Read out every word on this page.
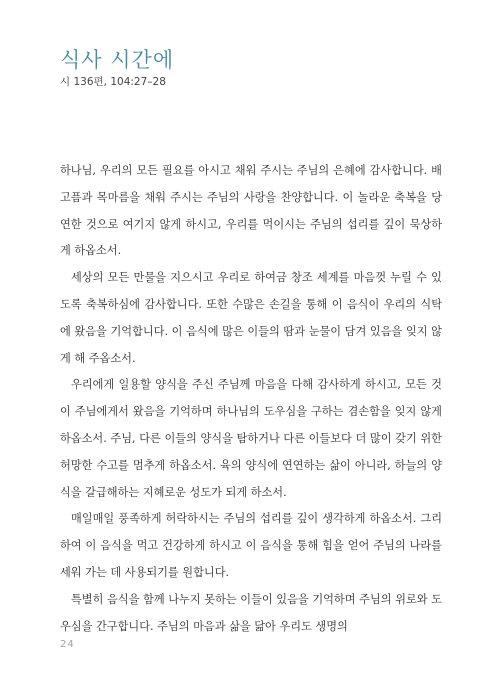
식사 시간에
시 136편, 104:27–28

하나님, 우리의 모든 필요를 아시고 채워 주시는 주님의 은혜에 감사합니다. 배고픔과 목마름을 채워 주시는 주님의 사랑을 찬양합니다. 이 놀라운 축복을 당연한 것으로 여기지 않게 하시고, 우리를 먹이시는 주님의 섭리를 깊이 묵상하게 하옵소서.

세상의 모든 만물을 지으시고 우리로 하여금 창조 세계를 마음껏 누릴 수 있도록 축복하심에 감사합니다. 또한 수많은 손길을 통해 이 음식이 우리의 식탁에 왔음을 기억합니다. 이 음식에 많은 이들의 땀과 눈물이 담겨 있음을 잊지 않게 해 주옵소서.

우리에게 일용할 양식을 주신 주님께 마음을 다해 감사하게 하시고, 모든 것이 주님에게서 왔음을 기억하며 하나님의 도우심을 구하는 겸손함을 잊지 않게 하옵소서. 주님, 다른 이들의 양식을 탐하거나 다른 이들보다 더 많이 갖기 위한 허망한 수고를 멈추게 하옵소서. 육의 양식에 연연하는 삶이 아니라, 하늘의 양식을 갈급해하는 지혜로운 성도가 되게 하소서.

매일매일 풍족하게 허락하시는 주님의 섭리를 깊이 생각하게 하옵소서. 그리하여 이 음식을 먹고 건강하게 하시고 이 음식을 통해 힘을 얻어 주님의 나라를 세워 가는 데 사용되기를 원합니다.

특별히 음식을 함께 나누지 못하는 이들이 있음을 기억하며 주님의 위로와 도우심을 간구합니다. 주님의 마음과 삶을 닮아 우리도 생명의

24
